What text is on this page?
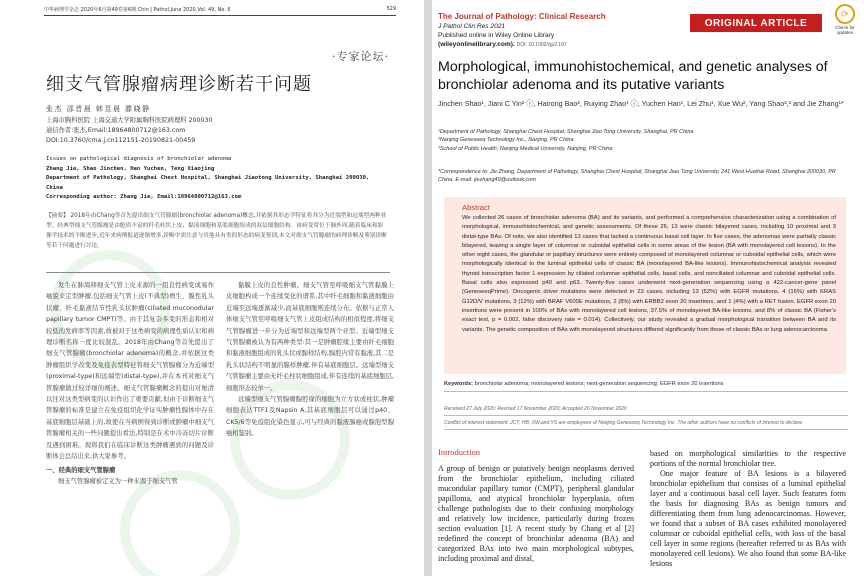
中华病理学杂志 2020年6月第49卷第6期 Chin J Pathol,June 2020,Vol. 49, No. 6	529
·专家论坛·
细支气管腺瘤病理诊断若干问题
张杰 邵晋晨 韩昱晨 滕晓静
上海市胸科医院 上海交通大学附属胸科医院病理科 200030
通信作者:张杰,Email:18964800712@163.com
DOI:10.3760/cma.j.cn112151-20190821-00459
Issues on pathological diagnosis of bronchiolar adenoma
Zhang Jie, Shao Jinchen, Han Yuchen, Teng Xiaojing
Department of Pathology, Shanghai Chest Hospital, Shanghai Jiaotong University, Shanghai 200030, China
Corresponding author: Zhang Jie, Email:18964800712@163.com

【摘要】 2018年由Chang等首先提出细支气管腺瘤(bronchiolar adenoma)概念,并依据其形态学特征将其分为近端型和远端型两种亚型。经典型细支气管腺瘤是由胞质丰富的纤毛柱状上皮、黏液细胞和基底细胞组成的双层细胞结构。该病变常位于肺外周,随着临床和影像学技术的不断进步,近年来病例报道逐渐增多,诊断中需注意与其他具有类似形态的病变鉴别,本文对细支气管腺瘤的病理诊断及鉴别诊断等若干问题进行讨论。

发生在肺周移细支气管上皮来源的一组良性病变或易作癌貌来定型肿瘤,包括细支气管上皮(不典型)增生、腺性乳头状瘤、纤毛黏液结节性乳头状肿瘤(ciliated muconodular papillary tumor CMPT)等。由于其复杂多变的形态和相对较低的发病率等因素,故被对于这类病变的病理性质认识和病理诊断名称一度比较混乱。2018年由Chang等首先提出了细支气管腺瘤(bronchiolar adenoma)的概念,并依据这类肿瘤组织学改变及免疫表型特征将细支气管腺瘤分为近端型(proximal-type)和远端型(distal-type),并在本刊对细支气管腺瘤做过较详细的阐述。细支气管腺瘤概念的提出对厘清以往对这类型病变的认识作出了重要贡献,但由于诊断细支气管腺瘤的标准是建立在免疫组织化学证实肿瘤性腺体中存在基底细胞层基础上的,故使在当病例得到诊断或肿瘤中细支气管腺瘤相关的一些问题提出看法,特别是在术中冷冻切片诊断及遇到困难。现将我们在临床诊断这类肿瘤遇到的问题及诊断体会总结出来,供大家参考。

一、经典的细支气管腺瘤

细支气管腺瘤被定义为一种来源于细支气管

黏膜上皮的良性肿瘤。细支气管至呼吸细支气管黏膜上皮细胞构成一个连续变化的谱系,其中纤毛细胞和黏液细胞由近端至远端逐渐减少,而基底细胞则连续分布。依据与正常人体细支气管至呼吸细支气管上皮组成结构的相似程度,将细支气管腺瘤进一步分为近端型和远端型两个亚型。近端型细支气管腺瘤被认为有两种类型:其一是肿瘤腔缘主要由纤毛细胞和黏液细胞组成的乳头状或腺样结构,腺腔内常有黏液,其二是乳头状结构不明显的腺样肿瘤,伴有基底细胞层。远端型细支气管腺瘤主要由无纤毛柱状细胞组成,伴有连续的基底细胞层,细胞形态较单一。

远端型细支气管腺瘤腺腔缘的细胞为立方状或柱状,肿瘤细胞表达TTF1及Napsin A,其基底细胞层可以通过p40、CK5/6等免疫组化染色显示,可与经典的黏液腺癌或腺泡型腺癌相鉴别。

The Journal of Pathology: Clinical Research
J Pathol Clin Res 2021
Published online in Wiley Online Library
(wileyonlinelibrary.com). DOI: 10.1002/cjp2.197
ORIGINAL ARTICLE
⟳
Check for updates
Morphological, immunohistochemical, and genetic analyses of bronchiolar adenoma and its putative variants
Jinchen Shao¹, Jiani C Yin² ⓘ, Hairong Bao², Ruiying Zhao¹ ⓘ, Yuchen Han¹, Lei Zhu¹, Xue Wu², Yang Shao²,³ and Jie Zhang¹*
¹Department of Pathology, Shanghai Chest Hospital, Shanghai Jiao Tong University, Shanghai, PR China
²Nanjing Geneseeq Technology Inc., Nanjing, PR China
³School of Public Health, Nanjing Medical University, Nanjing, PR China
*Correspondence to: Jie Zhang, Department of Pathology, Shanghai Chest Hospital, Shanghai Jiao Tong University, 241 West Huaihai Road, Shanghai 200030, PR China. E-mail: jiezhang49@outlook.com
Abstract
We collected 26 cases of bronchiolar adenoma (BA) and its variants, and performed a comprehensive characterization using a combination of morphological, immunohistochemical, and genetic assessments. Of these 26, 13 were classic bilayered cases, including 10 proximal and 3 distal-type BAs. Of note, we also identified 13 cases that lacked a continuous basal cell layer. In five cases, the adenomas were partially classic bilayered, leaving a single layer of columnar or cuboidal epithelial cells in some areas of the lesion (BA with monolayered cell lesions). In the other eight cases, the glandular or papillary structures were entirely composed of monolayered columnar or cuboidal epithelial cells, which were morphologically identical to the luminal epithelial cells of classic BA (monolayered BA-like lesions). Immunohistochemical analysis revealed thyroid transcription factor 1 expression by ciliated columnar epithelial cells, basal cells, and nonciliated columnar and cuboidal epithelial cells. Basal cells also expressed p40 and p63. Twenty-five cases underwent next-generation sequencing using a 422-cancer-gene panel (GeneseeqPrime). Oncogenic driver mutations were detected in 23 cases, including 13 (52%) with EGFR mutations, 4 (16%) with KRAS G12D/V mutations, 3 (12%) with BRAF V600E mutations, 2 (8%) with ERBB2 exon 20 insertions, and 1 (4%) with a RET fusion. EGFR exon 20 insertions were present in 100% of BAs with monolayered cell lesions, 37.5% of monolayered BA-like lesions, and 8% of classic BA (Fisher's exact test, p = 0.002, false discovery rate = 0.014). Collectively, our study revealed a gradual morphological transition between BA and its variants. The genetic composition of BAs with monolayered structures differed significantly from those of classic BAs or lung adenocarcinoma.
Keywords: bronchiolar adenoma; monolayered lesions; next-generation sequencing; EGFR exon 20 insertions
Received 27 July 2020; Revised 17 November 2020; Accepted 26 November 2020
Conflict of interest statement: JCY, HB, XW,and YS are employees of Nanjing Geneseeq Technology Inc. The other authors have no conflicts of interest to declare.
Introduction

A group of benign or putatively benign neoplasms derived from the bronchiolar epithelium, including ciliated mucondular papillary tumor (CMPT), peripheral glandular papilloma, and atypical bronchiolar hyperplasia, often challenge pathologists due to their confusing morphology and relatively low incidence, particularly during frozen section evaluation [1]. A recent study by Chang et al [2] redefined the concept of bronchiolar adenoma (BA) and categorized BAs into two main morphological subtypes, including proximal and distal,

based on morphological similarities to the respective portions of the normal bronchiolar tree.

One major feature of BA lesions is a bilayered bronchiolar epithelium that consists of a luminal epithelial layer and a continuous basal cell layer. Such features form the basis for diagnosing BAs as benign tumors and differentiating them from lung adenocarcinomas. However, we found that a subset of BA cases exhibited monolayered columnar or cuboidal epithelial cells, with loss of the basal cell layer in some regions (hereafter referred to as BAs with monolayered cell lesions). We also found that some BA-like lesions
